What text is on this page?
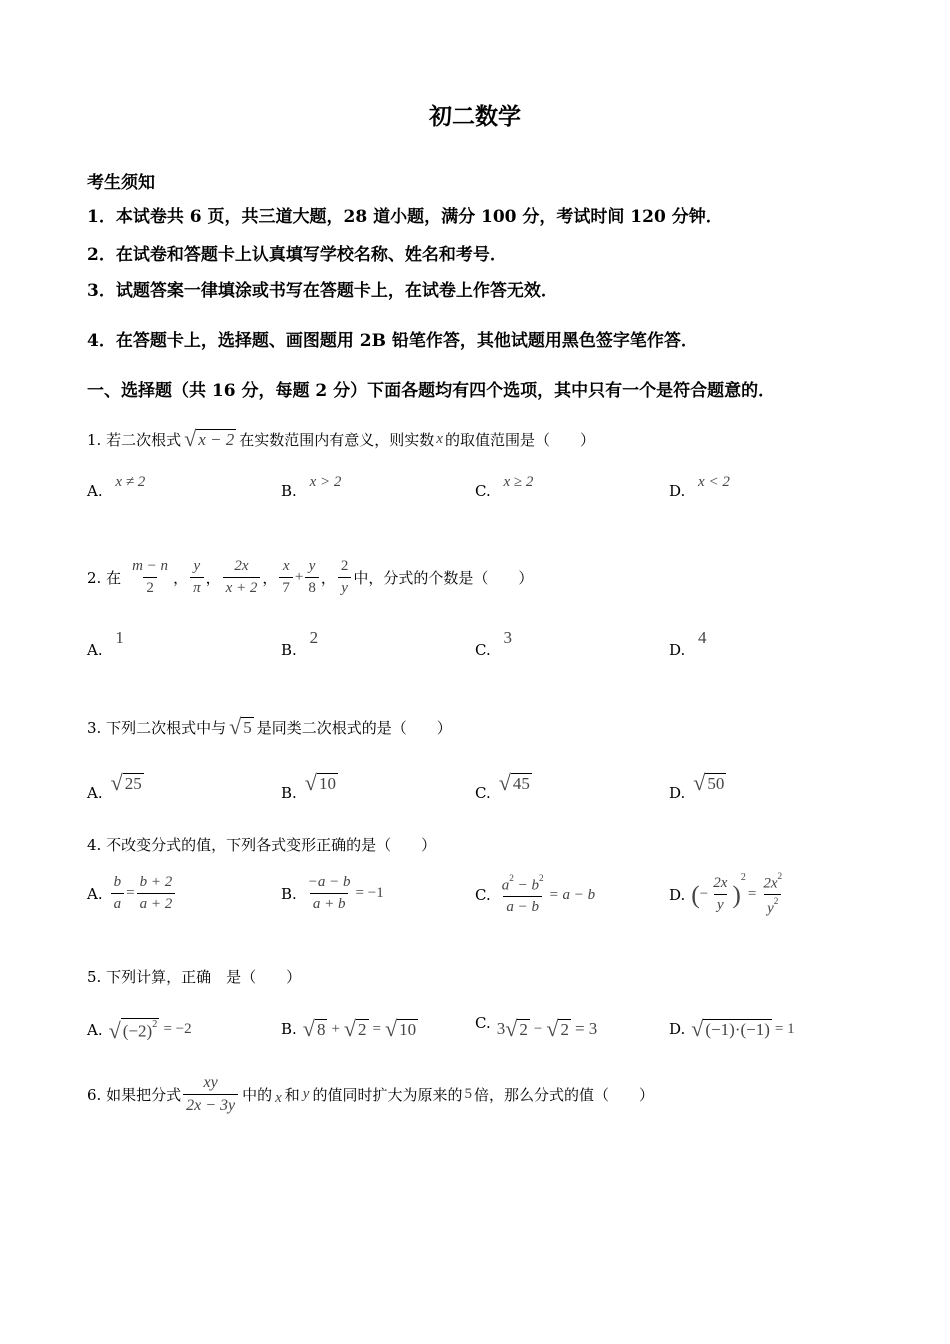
初二数学
考生须知
1．本试卷共 6 页，共三道大题，28 道小题，满分 100 分，考试时间 120 分钟．
2．在试卷和答题卡上认真填写学校名称、姓名和考号．
3．试题答案一律填涂或书写在答题卡上，在试卷上作答无效．
4．在答题卡上，选择题、画图题用 2B 铅笔作答，其他试题用黑色签字笔作答．
一、选择题（共 16 分，每题 2 分）下面各题均有四个选项，其中只有一个是符合题意的．
1. 若二次根式 √ x − 2 在实数范围内有意义，则实数 x 的取值范围是（　　）
A. x ≠ 2	B. x > 2	C. x ≥ 2	D. x < 2
2. 在 $\frac{m - n}{2}$ ， $\frac{y}{\pi}$ ， $\frac{2x}{x + 2}$ ， $\frac{x}{7} + \frac{y}{8}$ ， $\frac{2}{y}$ 中，分式的个数是（　　）
A. 1
B. 2
C. 3
D. 4
3. 下列二次根式中与 √ 5 是同类二次根式的是（　　）
A. √ 25
B. √ 10
C. √ 45
D. √ 50
4. 不改变分式的值，下列各式变形正确的是（　　）
A. $\frac{b}{a} = \frac{b + 2}{a + 2}$	B. $\frac{-a - b}{a + b} = -1$	C. $\frac{a^2 - b^2}{a - b} = a - b$	D. ( − $\frac{2x}{y}$ )
$^2$
= $\frac{2x^2}{y^2}$
5. 下列计算，正确　是（　　）
A. √ $(-2)^2 = -2$	B. √ 8 + √ 2 = √ 10	C. 3 √ 2 − √ 2 = 3	D. √ (−1)·(−1) = 1
6. 如果把分式 $\frac{xy}{2x - 3y}$ 中的 x 和 y 的值同时扩大为原来的 5 倍，那么分式的值（　　）
